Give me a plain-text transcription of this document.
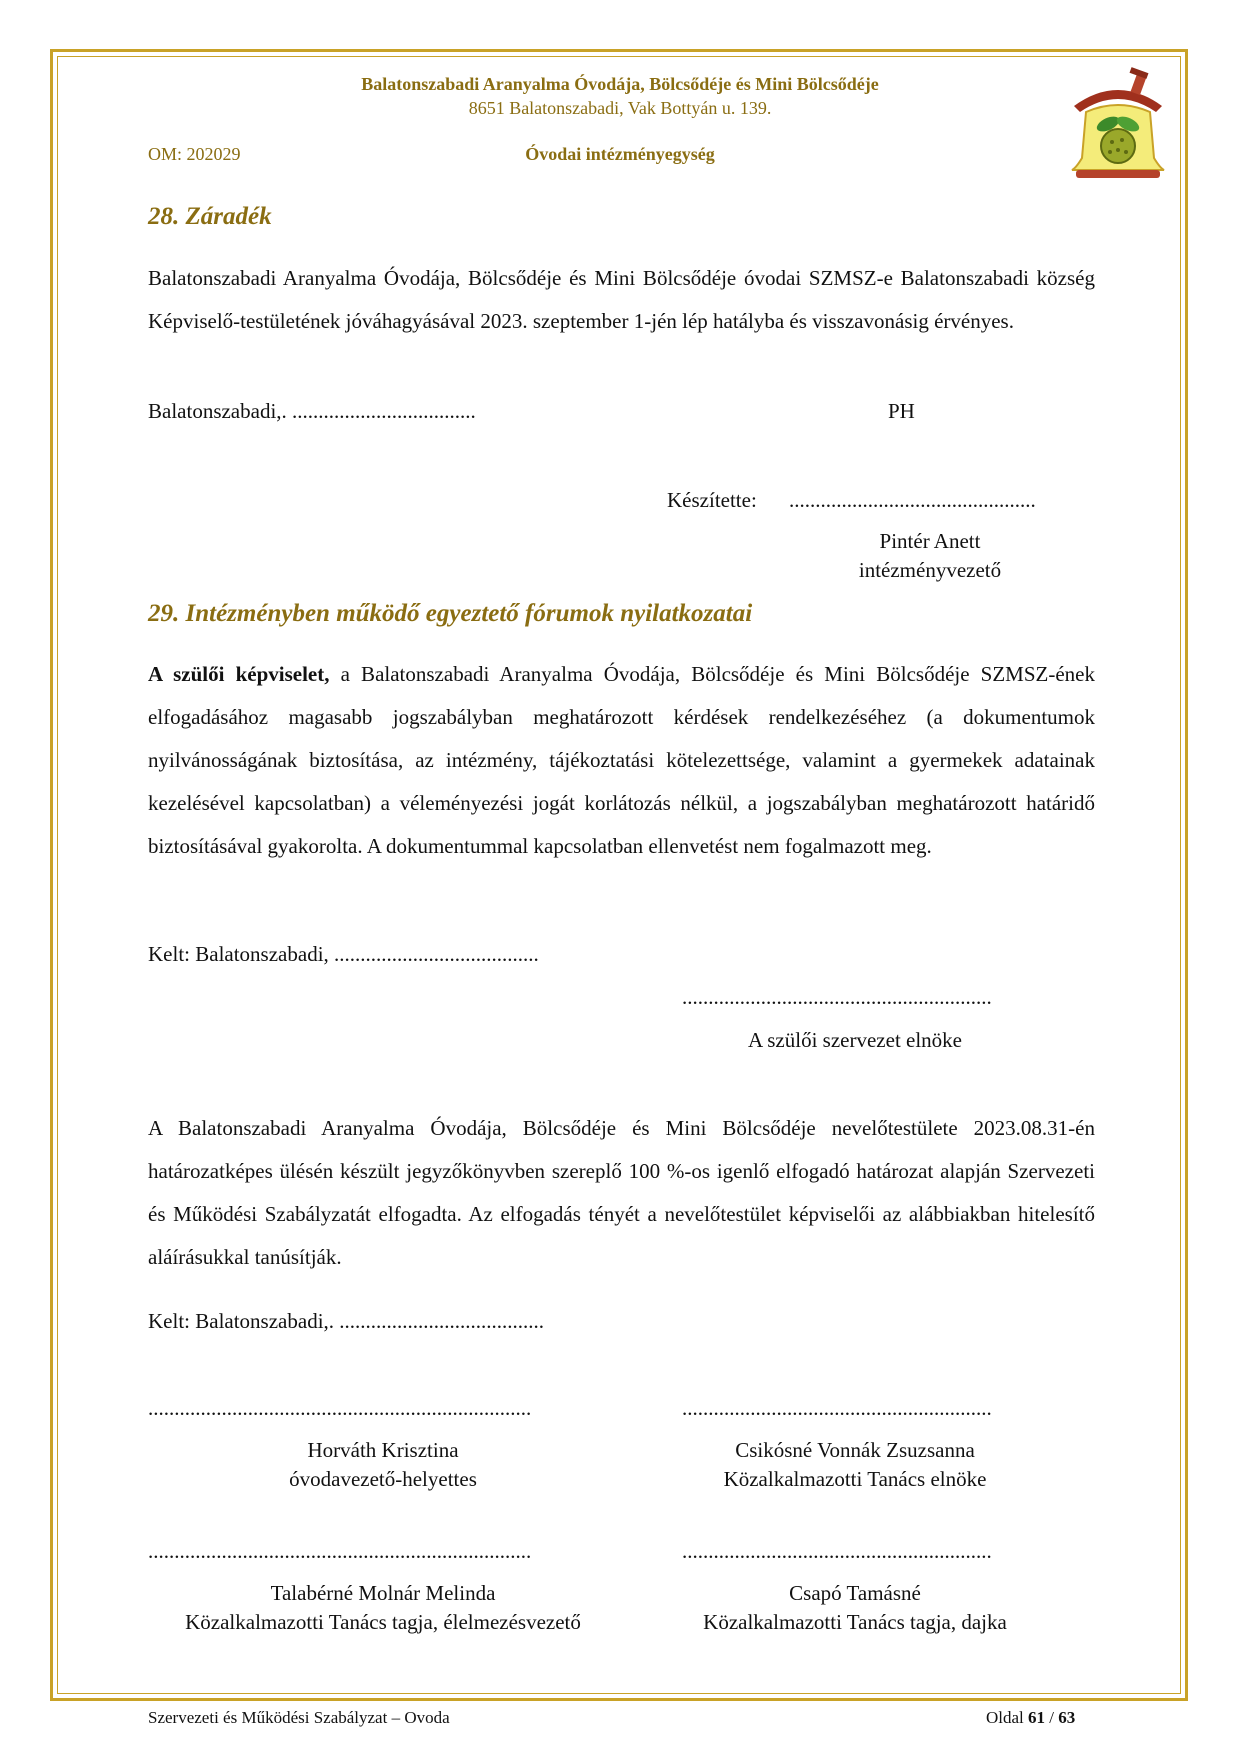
Balatonszabadi Aranyalma Óvodája, Bölcsődéje és Mini Bölcsődéje
8651 Balatonszabadi, Vak Bottyán u. 139.
OM: 202029	Óvodai intézményegység
28. Záradék
Balatonszabadi Aranyalma Óvodája, Bölcsődéje és Mini Bölcsődéje óvodai SZMSZ-e Balatonszabadi község Képviselő-testületének jóváhagyásával 2023. szeptember 1-jén lép hatályba és visszavonásig érvényes.
Balatonszabadi,. ...................................	PH
Készítette: ...............................................
Pintér Anett
intézményvezető
29. Intézményben működő egyeztető fórumok nyilatkozatai
A szülői képviselet, a Balatonszabadi Aranyalma Óvodája, Bölcsődéje és Mini Bölcsődéje SZMSZ-ének elfogadásához magasabb jogszabályban meghatározott kérdések rendelkezéséhez (a dokumentumok nyilvánosságának biztosítása, az intézmény, tájékoztatási kötelezettsége, valamint a gyermekek adatainak kezelésével kapcsolatban) a véleményezési jogát korlátozás nélkül, a jogszabályban meghatározott határidő biztosításával gyakorolta. A dokumentummal kapcsolatban ellenvetést nem fogalmazott meg.
Kelt: Balatonszabadi, .......................................
...........................................................
A szülői szervezet elnöke
A Balatonszabadi Aranyalma Óvodája, Bölcsődéje és Mini Bölcsődéje nevelőtestülete 2023.08.31-én határozatképes ülésén készült jegyzőkönyvben szereplő 100 %-os igenlő elfogadó határozat alapján Szervezeti és Működési Szabályzatát elfogadta. Az elfogadás tényét a nevelőtestület képviselői az alábbiakban hitelesítő aláírásukkal tanúsítják.
Kelt: Balatonszabadi,. .......................................
.........................................................................	...........................................................
Horváth Krisztina
óvodavezető-helyettes
Csikósné Vonnák Zsuzsanna
Közalkalmazotti Tanács elnöke
.........................................................................	...........................................................
Talabérné Molnár Melinda
Közalkalmazotti Tanács tagja, élelmezésvezető
Csapó Tamásné
Közalkalmazotti Tanács tagja, dajka
Szervezeti és Működési Szabályzat – Ovoda	Oldal 61 / 63
